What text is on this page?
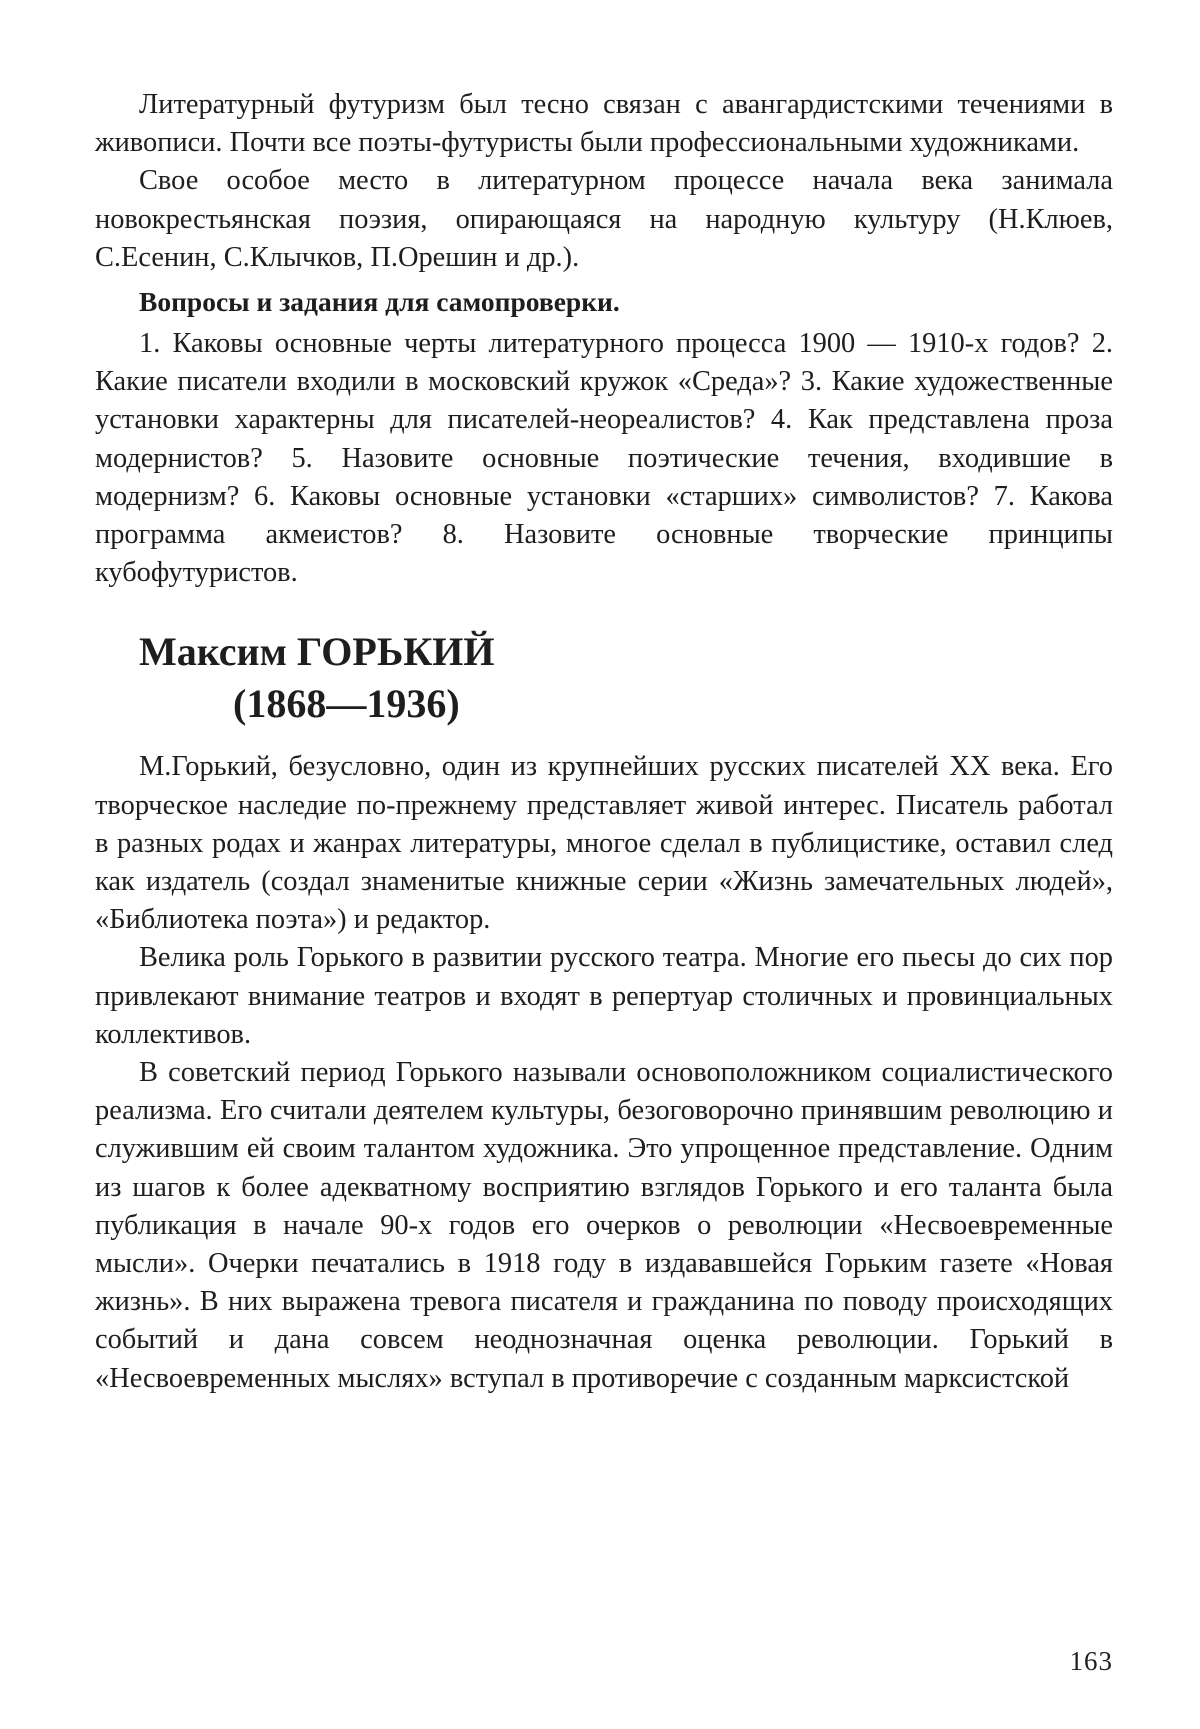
Литературный футуризм был тесно связан с авангардистскими течениями в живописи. Почти все поэты-футуристы были профессиональными художниками.

Свое особое место в литературном процессе начала века занимала новокрестьянская поэзия, опирающаяся на народную культуру (Н.Клюев, С.Есенин, С.Клычков, П.Орешин и др.).

Вопросы и задания для самопроверки.

1. Каковы основные черты литературного процесса 1900 — 1910-х годов? 2. Какие писатели входили в московский кружок «Среда»? 3. Какие художественные установки характерны для писателей-неореалистов? 4. Как представлена проза модернистов? 5. Назовите основные поэтические течения, входившие в модернизм? 6. Каковы основные установки «старших» символистов? 7. Какова программа акмеистов? 8. Назовите основные творческие принципы кубофутуристов.

Максим ГОРЬКИЙ
(1868—1936)

М.Горький, безусловно, один из крупнейших русских писателей XX века. Его творческое наследие по-прежнему представляет живой интерес. Писатель работал в разных родах и жанрах литературы, многое сделал в публицистике, оставил след как издатель (создал знаменитые книжные серии «Жизнь замечательных людей», «Библиотека поэта») и редактор.

Велика роль Горького в развитии русского театра. Многие его пьесы до сих пор привлекают внимание театров и входят в репертуар столичных и провинциальных коллективов.

В советский период Горького называли основоположником социалистического реализма. Его считали деятелем культуры, безоговорочно принявшим революцию и служившим ей своим талантом художника. Это упрощенное представление. Одним из шагов к более адекватному восприятию взглядов Горького и его таланта была публикация в начале 90-х годов его очерков о революции «Несвоевременные мысли». Очерки печатались в 1918 году в издававшейся Горьким газете «Новая жизнь». В них выражена тревога писателя и гражданина по поводу происходящих событий и дана совсем неоднозначная оценка революции. Горький в «Несвоевременных мыслях» вступал в противоречие с созданным марксистской

163
